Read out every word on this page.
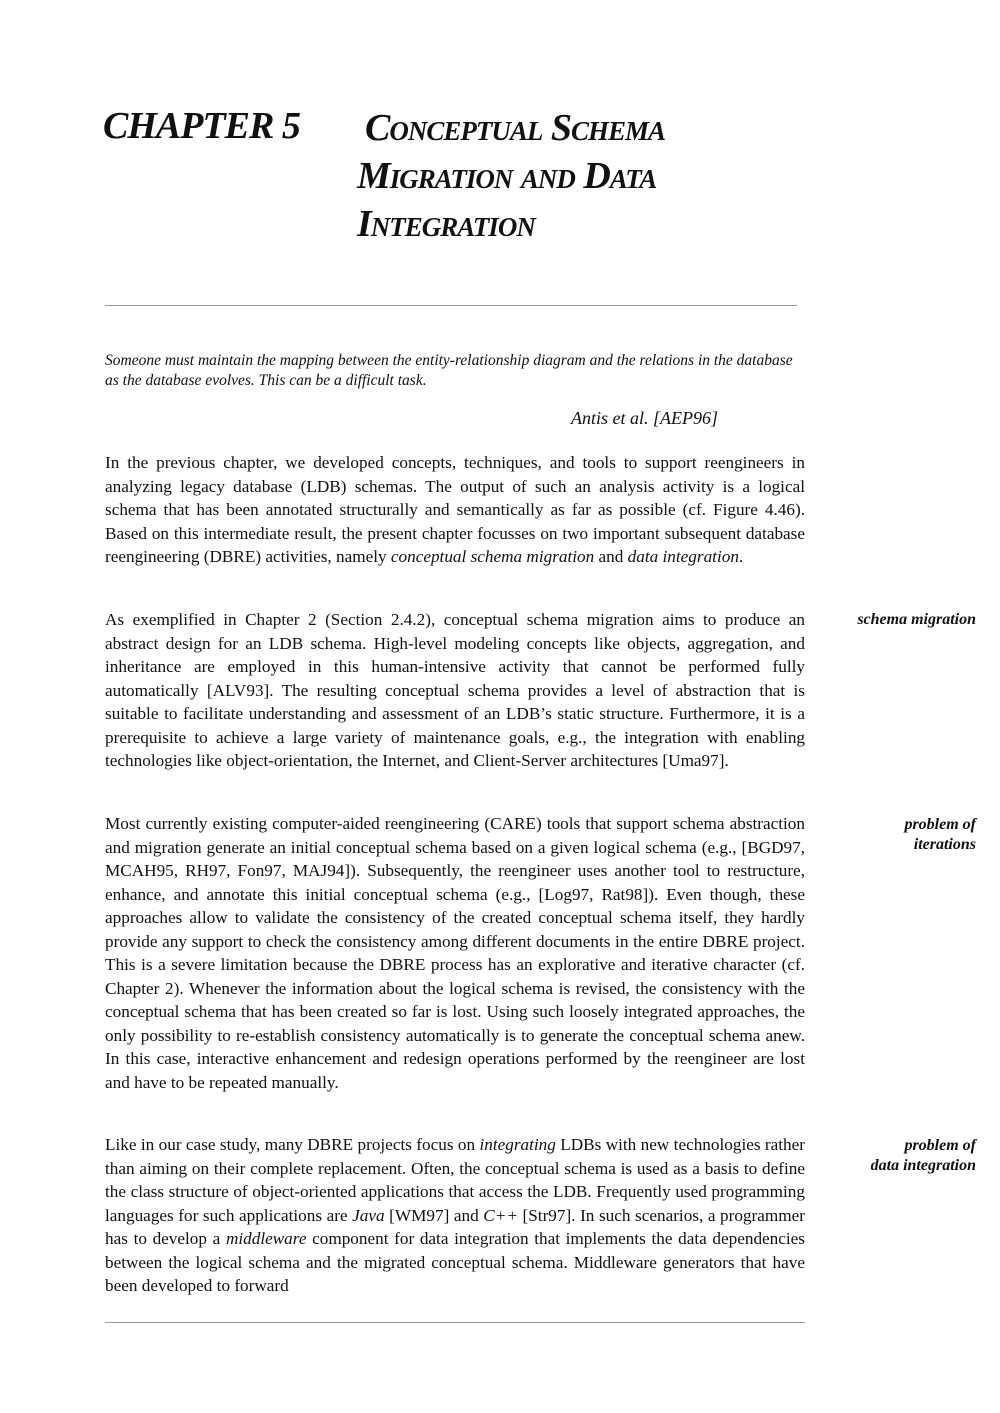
CHAPTER 5 Conceptual Schema
Migration and Data
Integration
Someone must maintain the mapping between the entity-relationship diagram and the relations in the database as the database evolves. This can be a difficult task.
Antis et al. [AEP96]

In the previous chapter, we developed concepts, techniques, and tools to support reengineers in analyzing legacy database (LDB) schemas. The output of such an analysis activity is a logical schema that has been annotated structurally and semantically as far as possible (cf. Figure 4.46). Based on this intermediate result, the present chapter focusses on two important subsequent database reengineering (DBRE) activities, namely conceptual schema migration and data integration.

As exemplified in Chapter 2 (Section 2.4.2), conceptual schema migration aims to produce an abstract design for an LDB schema. High-level modeling concepts like objects, aggregation, and inheritance are employed in this human-intensive activity that cannot be performed fully automatically [ALV93]. The resulting conceptual schema provides a level of abstraction that is suitable to facilitate understanding and assessment of an LDB’s static structure. Furthermore, it is a prerequisite to achieve a large variety of maintenance goals, e.g., the integration with enabling technologies like object-orientation, the Internet, and Client-Server architectures [Uma97].

Most currently existing computer-aided reengineering (CARE) tools that support schema abstraction and migration generate an initial conceptual schema based on a given logical schema (e.g., [BGD97, MCAH95, RH97, Fon97, MAJ94]). Subsequently, the reengineer uses another tool to restructure, enhance, and annotate this initial conceptual schema (e.g., [Log97, Rat98]). Even though, these approaches allow to validate the consistency of the created conceptual schema itself, they hardly provide any support to check the consistency among different documents in the entire DBRE project. This is a severe limitation because the DBRE process has an explorative and iterative character (cf. Chapter 2). Whenever the information about the logical schema is revised, the consistency with the conceptual schema that has been created so far is lost. Using such loosely integrated approaches, the only possibility to re-establish consistency automatically is to generate the conceptual schema anew. In this case, interactive enhancement and redesign operations performed by the reengineer are lost and have to be repeated manually.

Like in our case study, many DBRE projects focus on integrating LDBs with new technologies rather than aiming on their complete replacement. Often, the conceptual schema is used as a basis to define the class structure of object-oriented applications that access the LDB. Frequently used programming languages for such applications are Java [WM97] and C++ [Str97]. In such scenarios, a programmer has to develop a middleware component for data integration that implements the data dependencies between the logical schema and the migrated conceptual schema. Middleware generators that have been developed to forward

schema migration
problem of
iterations
problem of
data integration
